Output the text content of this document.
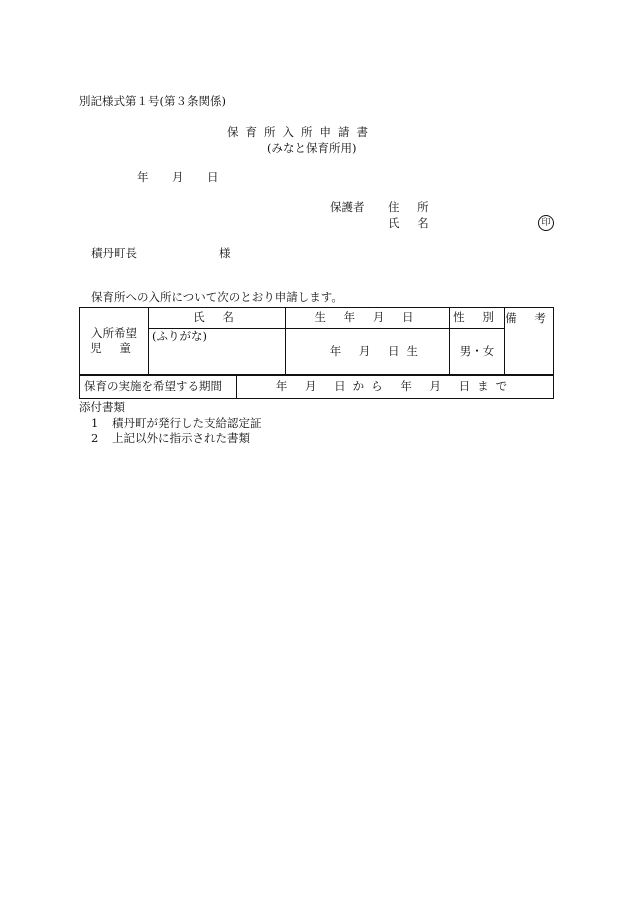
別記様式第１号(第３条関係)
保育所入所申請書
(みなと保育所用)
年 月 日
保護者 住 所
氏 名	印
積丹町長	様
保育所への入所について次のとおり申請します。
入所希望
児 童	氏 名	生 年 月 日	性 別	備 考

	(ふりがな)	年 月 日生	男・女	
保育の実施を希望する期間	年 月 日から 年 月 日まで
添付書類
1 積丹町が発行した支給認定証
2 上記以外に指示された書類
